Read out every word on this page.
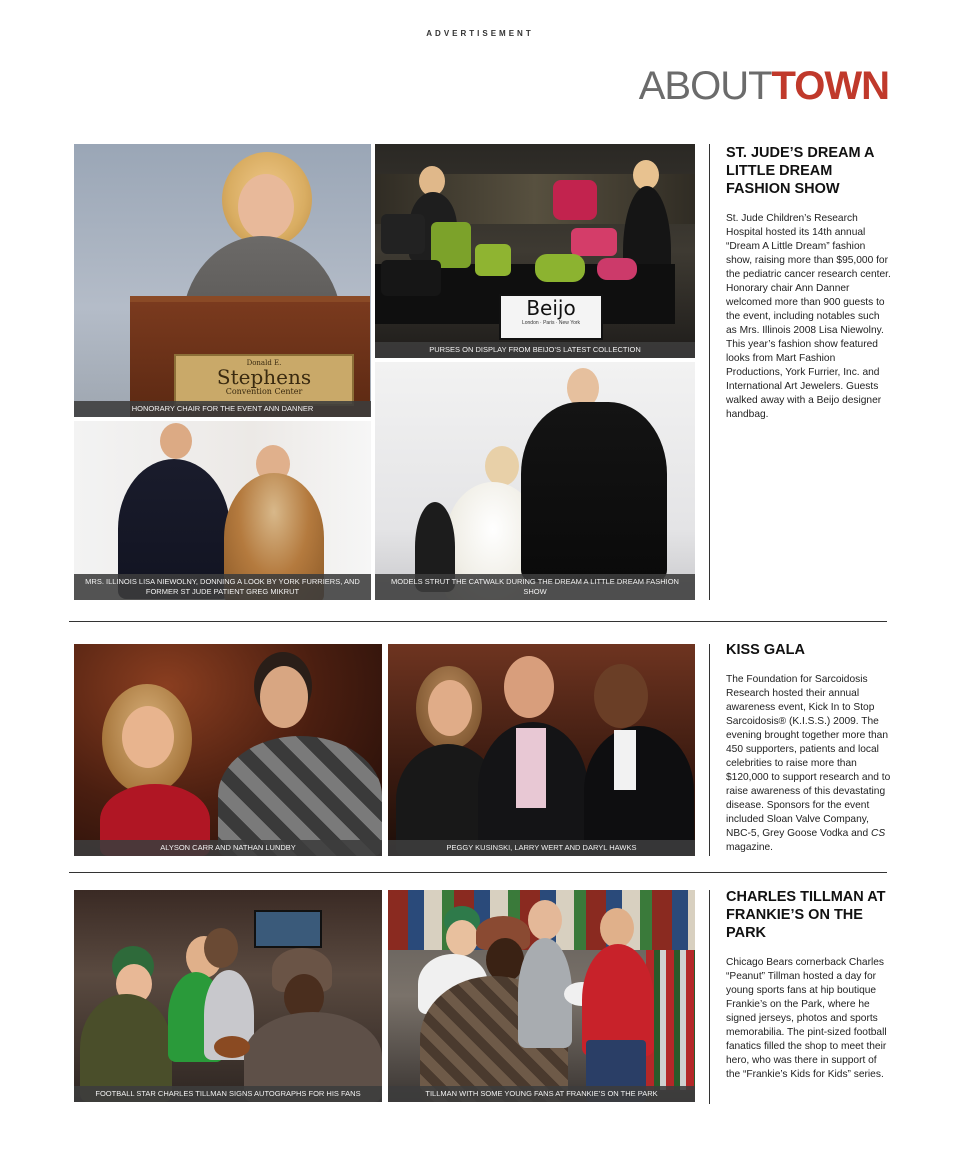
ADVERTISEMENT
ABOUTTOWN
Donald E.
Stephens
Convention Center
HONORARY CHAIR FOR THE EVENT ANN DANNER
Beijo
London · Paris · New York
PURSES ON DISPLAY FROM BEIJO’S LATEST COLLECTION
MRS. ILLINOIS LISA NIEWOLNY, DONNING A LOOK BY YORK FURRIERS, AND FORMER ST JUDE PATIENT GREG MIKRUT
MODELS STRUT THE CATWALK DURING THE DREAM A LITTLE DREAM FASHION SHOW
ST. JUDE’S DREAM A LITTLE DREAM FASHION SHOW

St. Jude Children’s Research Hospital hosted its 14th annual “Dream A Little Dream” fashion show, raising more than $95,000 for the pediatric cancer research center. Honorary chair Ann Danner welcomed more than 900 guests to the event, including notables such as Mrs. Illinois 2008 Lisa Niewolny. This year’s fashion show featured looks from Mart Fashion Productions, York Furrier, Inc. and International Art Jewelers. Guests walked away with a Beijo designer handbag.

ALYSON CARR AND NATHAN LUNDBY	PEGGY KUSINSKI, LARRY WERT AND DARYL HAWKS
KISS GALA

The Foundation for Sarcoidosis Research hosted their annual awareness event, Kick In to Stop Sarcoidosis® (K.I.S.S.) 2009. The evening brought together more than 450 supporters, patients and local celebrities to raise more than $120,000 to support research and to raise awareness of this devastating disease. Sponsors for the event included Sloan Valve Company, NBC-5, Grey Goose Vodka and CS magazine.

FOOTBALL STAR CHARLES TILLMAN SIGNS AUTOGRAPHS FOR HIS FANS	TILLMAN WITH SOME YOUNG FANS AT FRANKIE’S ON THE PARK
CHARLES TILLMAN AT FRANKIE’S ON THE PARK

Chicago Bears cornerback Charles “Peanut” Tillman hosted a day for young sports fans at hip boutique Frankie’s on the Park, where he signed jerseys, photos and sports memorabilia. The pint-sized football fanatics filled the shop to meet their hero, who was there in support of the “Frankie’s Kids for Kids” series.
